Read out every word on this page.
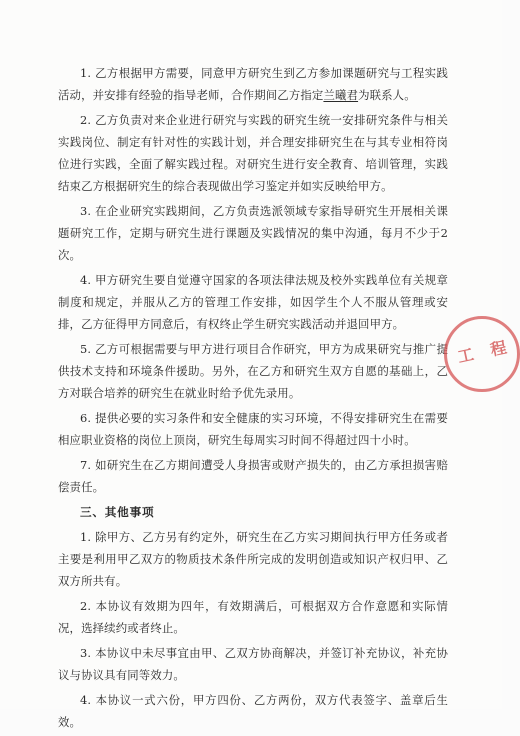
1. 乙方根据甲方需要，同意甲方研究生到乙方参加课题研究与工程实践活动，并安排有经验的指导老师，合作期间乙方指定兰曦君为联系人。

2. 乙方负责对来企业进行研究与实践的研究生统一安排研究条件与相关实践岗位、制定有针对性的实践计划，并合理安排研究生在与其专业相符岗位进行实践，全面了解实践过程。对研究生进行安全教育、培训管理，实践结束乙方根据研究生的综合表现做出学习鉴定并如实反映给甲方。

3. 在企业研究实践期间，乙方负责选派领域专家指导研究生开展相关课题研究工作，定期与研究生进行课题及实践情况的集中沟通，每月不少于2次。

4. 甲方研究生要自觉遵守国家的各项法律法规及校外实践单位有关规章制度和规定，并服从乙方的管理工作安排，如因学生个人不服从管理或安排，乙方征得甲方同意后，有权终止学生研究实践活动并退回甲方。

5. 乙方可根据需要与甲方进行项目合作研究，甲方为成果研究与推广提供技术支持和环境条件援助。另外，在乙方和研究生双方自愿的基础上，乙方对联合培养的研究生在就业时给予优先录用。

6. 提供必要的实习条件和安全健康的实习环境，不得安排研究生在需要相应职业资格的岗位上顶岗，研究生每周实习时间不得超过四十小时。

7. 如研究生在乙方期间遭受人身损害或财产损失的，由乙方承担损害赔偿责任。

三、其他事项

1. 除甲方、乙方另有约定外，研究生在乙方实习期间执行甲方任务或者主要是利用甲乙双方的物质技术条件所完成的发明创造或知识产权归甲、乙双方所共有。

2. 本协议有效期为四年，有效期满后，可根据双方合作意愿和实际情况，选择续约或者终止。

3. 本协议中未尽事宜由甲、乙双方协商解决，并签订补充协议，补充协议与协议具有同等效力。

4. 本协议一式六份，甲方四份、乙方两份，双方代表签字、盖章后生效。

工 程
